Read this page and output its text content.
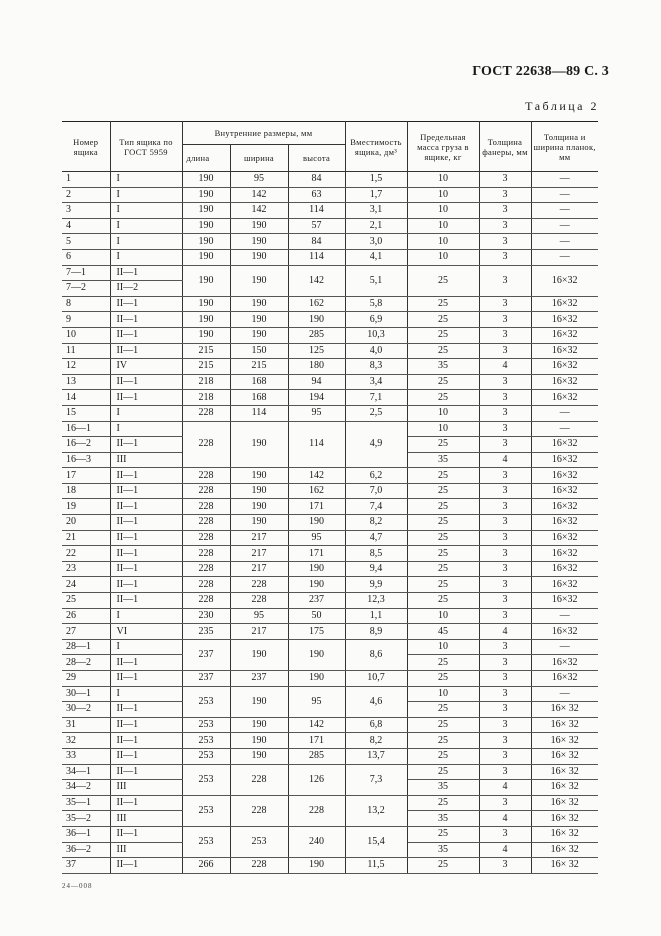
ГОСТ 22638—89 С. 3
Таблица 2
Номер ящика	Тип ящика по ГОСТ 5959	Внутренние размеры, мм			Вместимость ящика, дм³	Предельная масса груза в ящике, кг	Толщина фанеры, мм	Толщина и ширина планок, мм
		длина	ширина	высота				
1	I	190	95	84	1,5	10	3	—
2	I	190	142	63	1,7	10	3	—
3	I	190	142	114	3,1	10	3	—
4	I	190	190	57	2,1	10	3	—
5	I	190	190	84	3,0	10	3	—
6	I	190	190	114	4,1	10	3	—
7—1	II—1	190	190	142	5,1	25	3	16×32
7—2	II—2							
8	II—1	190	190	162	5,8	25	3	16×32
9	II—1	190	190	190	6,9	25	3	16×32
10	II—1	190	190	285	10,3	25	3	16×32
11	II—1	215	150	125	4,0	25	3	16×32
12	IV	215	215	180	8,3	35	4	16×32
13	II—1	218	168	94	3,4	25	3	16×32
14	II—1	218	168	194	7,1	25	3	16×32
15	I	228	114	95	2,5	10	3	—
16—1	I	228	190	114	4,9	10	3	—
16—2	II—1					25	3	16×32
16—3	III					35	4	16×32
17	II—1	228	190	142	6,2	25	3	16×32
18	II—1	228	190	162	7,0	25	3	16×32
19	II—1	228	190	171	7,4	25	3	16×32
20	II—1	228	190	190	8,2	25	3	16×32
21	II—1	228	217	95	4,7	25	3	16×32
22	II—1	228	217	171	8,5	25	3	16×32
23	II—1	228	217	190	9,4	25	3	16×32
24	II—1	228	228	190	9,9	25	3	16×32
25	II—1	228	228	237	12,3	25	3	16×32
26	I	230	95	50	1,1	10	3	—
27	VI	235	217	175	8,9	45	4	16×32
28—1	I	237	190	190	8,6	10	3	—
28—2	II—1					25	3	16×32
29	II—1	237	237	190	10,7	25	3	16×32
30—1	I	253	190	95	4,6	10	3	—
30—2	II—1					25	3	16× 32
31	II—1	253	190	142	6,8	25	3	16× 32
32	II—1	253	190	171	8,2	25	3	16× 32
33	II—1	253	190	285	13,7	25	3	16× 32
34—1	II—1	253	228	126	7,3	25	3	16× 32
34—2	III					35	4	16× 32
35—1	II—1	253	228	228	13,2	25	3	16× 32
35—2	III					35	4	16× 32
36—1	II—1	253	253	240	15,4	25	3	16× 32
36—2	III					35	4	16× 32
37	II—1	266	228	190	11,5	25	3	16× 32
24—008
